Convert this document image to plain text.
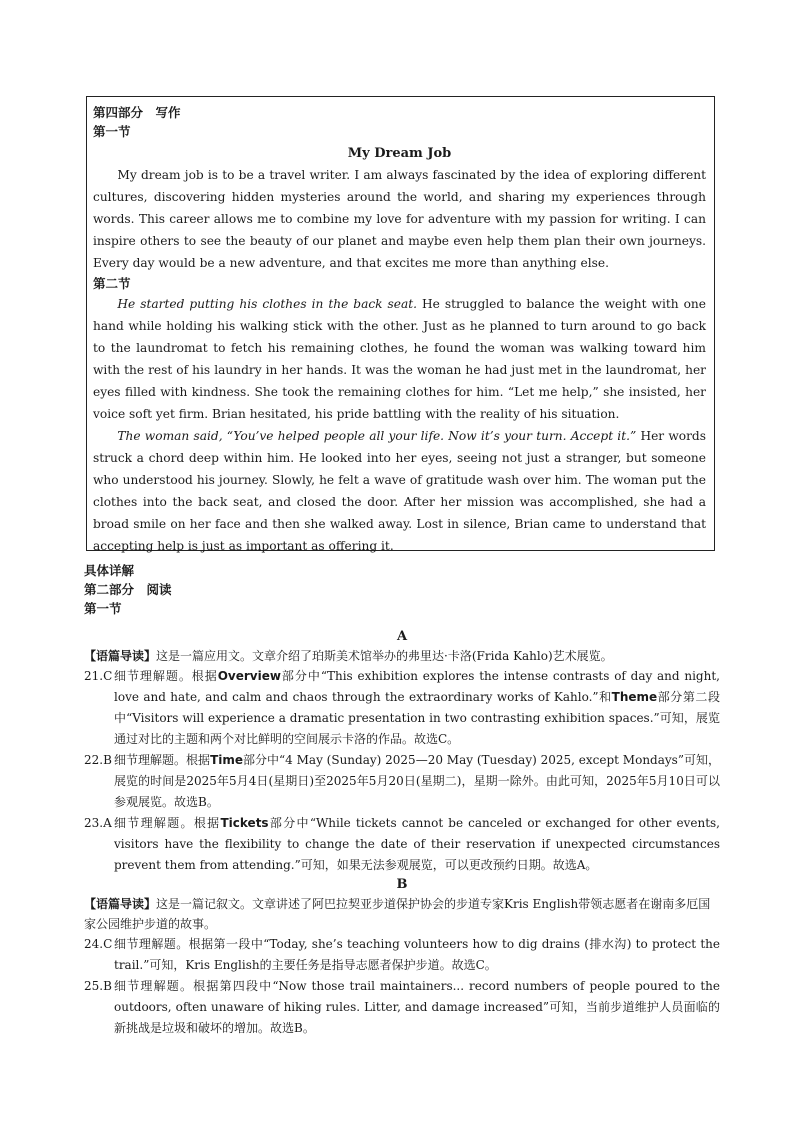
第四部分　写作
第一节
My Dream Job

My dream job is to be a travel writer. I am always fascinated by the idea of exploring different cultures, discovering hidden mysteries around the world, and sharing my experiences through words. This career allows me to combine my love for adventure with my passion for writing. I can inspire others to see the beauty of our planet and maybe even help them plan their own journeys. Every day would be a new adventure, and that excites me more than anything else.

第二节

He started putting his clothes in the back seat. He struggled to balance the weight with one hand while holding his walking stick with the other. Just as he planned to turn around to go back to the laundromat to fetch his remaining clothes, he found the woman was walking toward him with the rest of his laundry in her hands. It was the woman he had just met in the laundromat, her eyes filled with kindness. She took the remaining clothes for him. “Let me help,” she insisted, her voice soft yet firm. Brian hesitated, his pride battling with the reality of his situation.

The woman said, “You’ve helped people all your life. Now it’s your turn. Accept it.” Her words struck a chord deep within him. He looked into her eyes, seeing not just a stranger, but someone who understood his journey. Slowly, he felt a wave of gratitude wash over him. The woman put the clothes into the back seat, and closed the door. After her mission was accomplished, she had a broad smile on her face and then she walked away. Lost in silence, Brian came to understand that accepting help is just as important as offering it.

具体详解
第二部分　阅读
第一节
A
【语篇导读】这是一篇应用文。文章介绍了珀斯美术馆举办的弗里达·卡洛(Frida Kahlo)艺术展览。
21.C 细节理解题。根据Overview部分中“This exhibition explores the intense contrasts of day and night, love and hate, and calm and chaos through the extraordinary works of Kahlo.”和Theme部分第二段中“Visitors will experience a dramatic presentation in two contrasting exhibition spaces.”可知，展览通过对比的主题和两个对比鲜明的空间展示卡洛的作品。故选C。
22.B 细节理解题。根据Time部分中“4 May (Sunday) 2025—20 May (Tuesday) 2025, except Mondays”可知，展览的时间是2025年5月4日(星期日)至2025年5月20日(星期二)，星期一除外。由此可知，2025年5月10日可以参观展览。故选B。
23.A 细节理解题。根据Tickets部分中“While tickets cannot be canceled or exchanged for other events, visitors have the flexibility to change the date of their reservation if unexpected circumstances prevent them from attending.”可知，如果无法参观展览，可以更改预约日期。故选A。
B
【语篇导读】这是一篇记叙文。文章讲述了阿巴拉契亚步道保护协会的步道专家Kris English带领志愿者在谢南多厄国家公园维护步道的故事。
24.C 细节理解题。根据第一段中“Today, she’s teaching volunteers how to dig drains (排水沟) to protect the trail.”可知，Kris English的主要任务是指导志愿者保护步道。故选C。
25.B 细节理解题。根据第四段中“Now those trail maintainers... record numbers of people poured to the outdoors, often unaware of hiking rules. Litter, and damage increased”可知，当前步道维护人员面临的新挑战是垃圾和破坏的增加。故选B。
